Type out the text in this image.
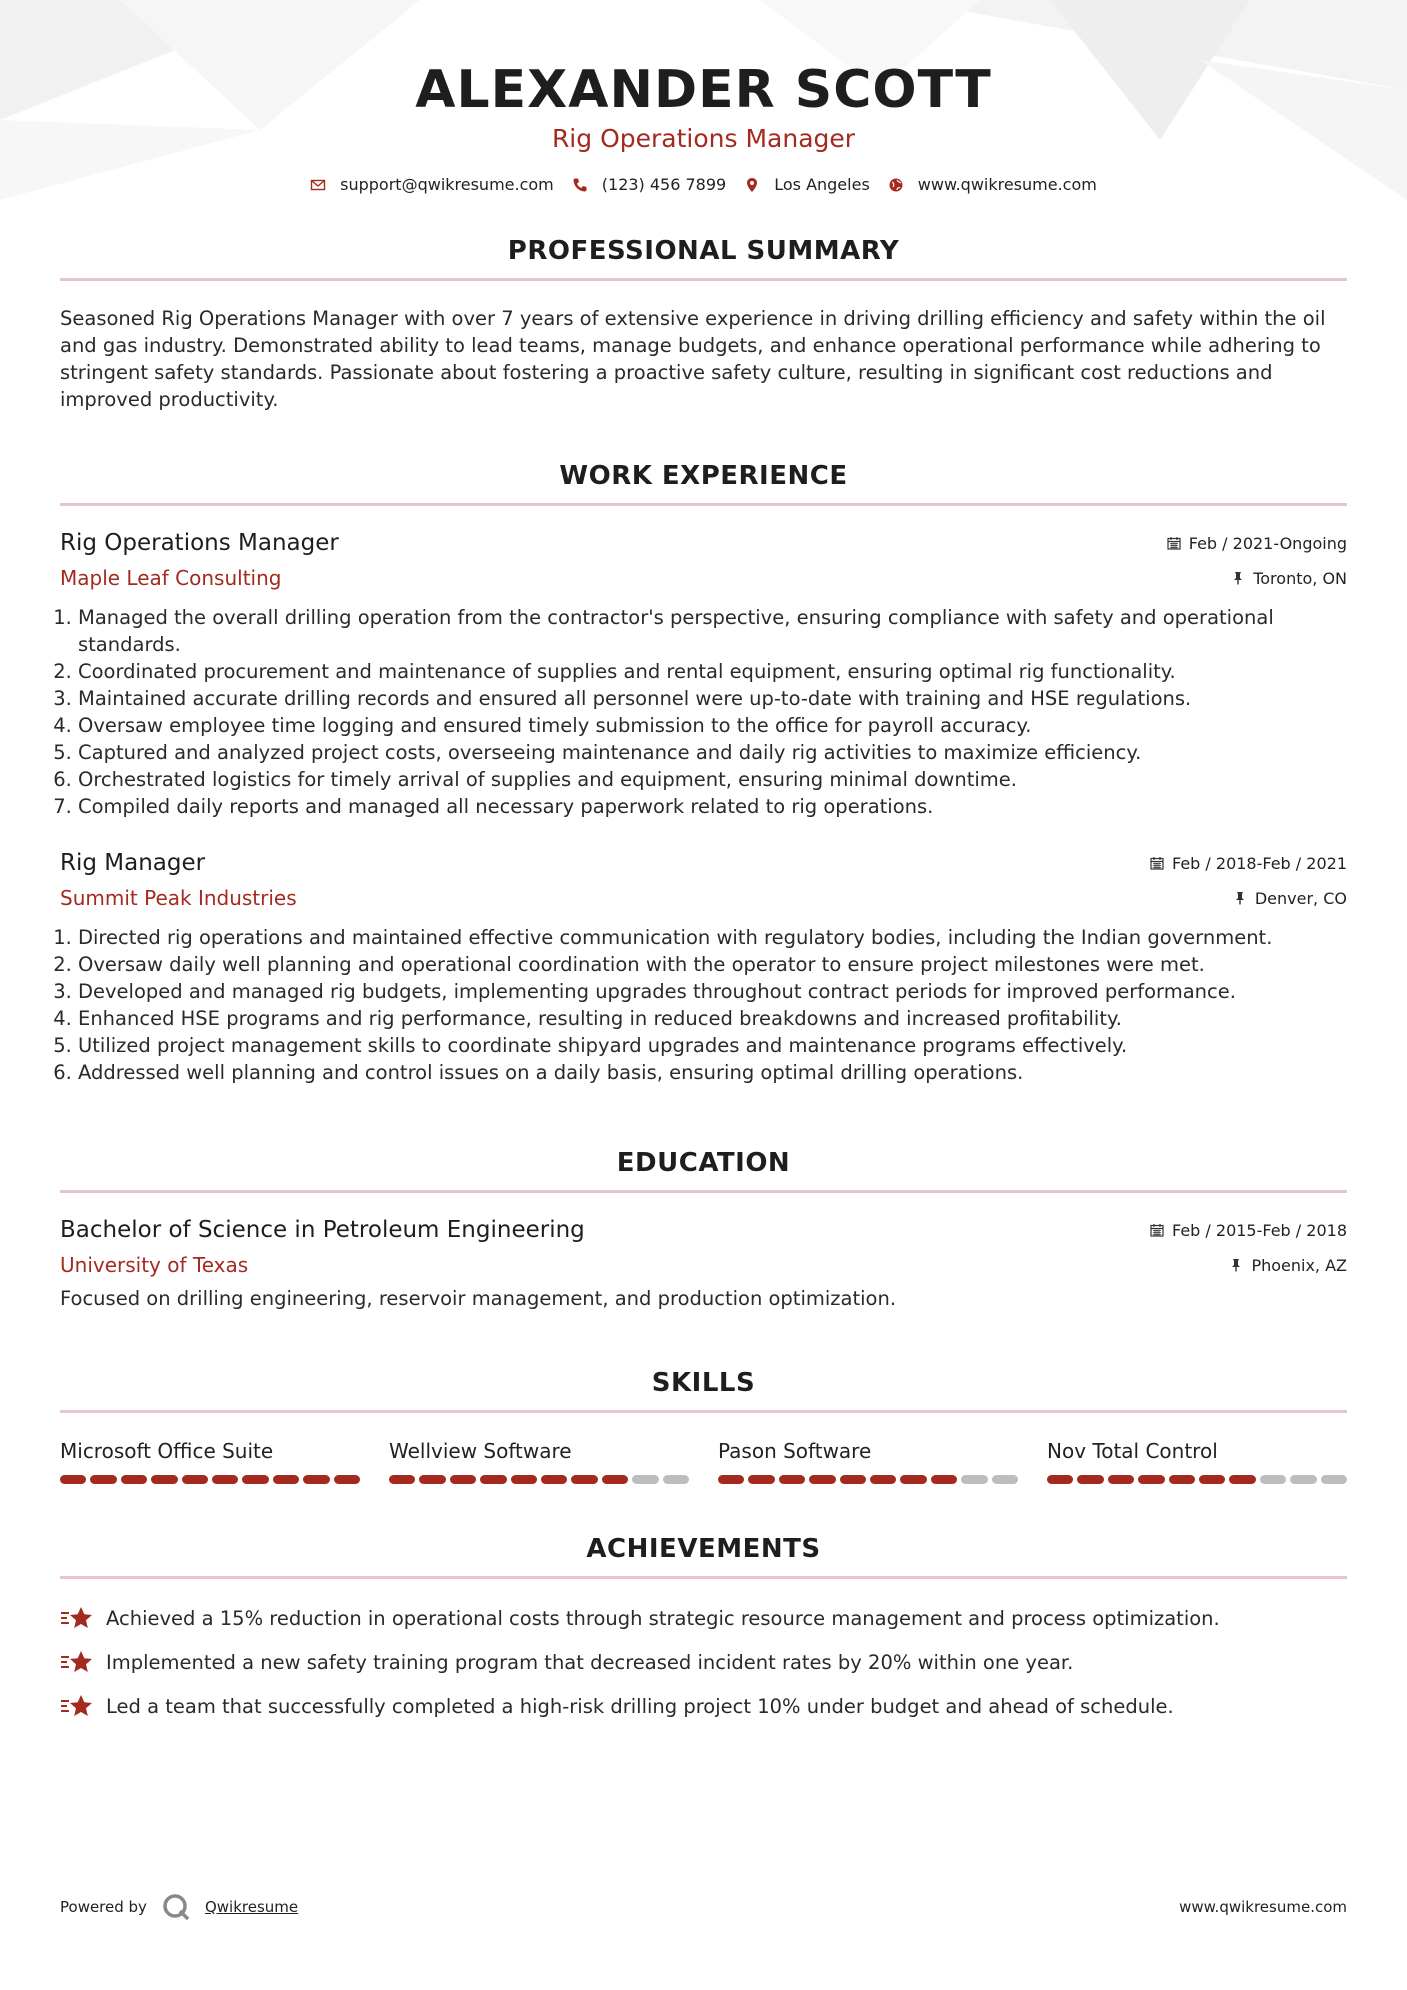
ALEXANDER SCOTT
Rig Operations Manager
support@qwikresume.com	(123) 456 7899	Los Angeles	www.qwikresume.com
PROFESSIONAL SUMMARY
Seasoned Rig Operations Manager with over 7 years of extensive experience in driving drilling efficiency and safety within the oil and gas industry. Demonstrated ability to lead teams, manage budgets, and enhance operational performance while adhering to stringent safety standards. Passionate about fostering a proactive safety culture, resulting in significant cost reductions and improved productivity.
WORK EXPERIENCE
Rig Operations Manager	Feb / 2021-Ongoing
Maple Leaf Consulting	Toronto, ON
1. Managed the overall drilling operation from the contractor's perspective, ensuring compliance with safety and operational standards.
2. Coordinated procurement and maintenance of supplies and rental equipment, ensuring optimal rig functionality.
3. Maintained accurate drilling records and ensured all personnel were up-to-date with training and HSE regulations.
4. Oversaw employee time logging and ensured timely submission to the office for payroll accuracy.
5. Captured and analyzed project costs, overseeing maintenance and daily rig activities to maximize efficiency.
6. Orchestrated logistics for timely arrival of supplies and equipment, ensuring minimal downtime.
7. Compiled daily reports and managed all necessary paperwork related to rig operations.
Rig Manager	Feb / 2018-Feb / 2021
Summit Peak Industries	Denver, CO
1. Directed rig operations and maintained effective communication with regulatory bodies, including the Indian government.
2. Oversaw daily well planning and operational coordination with the operator to ensure project milestones were met.
3. Developed and managed rig budgets, implementing upgrades throughout contract periods for improved performance.
4. Enhanced HSE programs and rig performance, resulting in reduced breakdowns and increased profitability.
5. Utilized project management skills to coordinate shipyard upgrades and maintenance programs effectively.
6. Addressed well planning and control issues on a daily basis, ensuring optimal drilling operations.
EDUCATION
Bachelor of Science in Petroleum Engineering	Feb / 2015-Feb / 2018
University of Texas	Phoenix, AZ
Focused on drilling engineering, reservoir management, and production optimization.
SKILLS
Microsoft Office Suite	Wellview Software	Pason Software	Nov Total Control
ACHIEVEMENTS
Achieved a 15% reduction in operational costs through strategic resource management and process optimization.
Implemented a new safety training program that decreased incident rates by 20% within one year.
Led a team that successfully completed a high-risk drilling project 10% under budget and ahead of schedule.
Powered by	Qwikresume	www.qwikresume.com
